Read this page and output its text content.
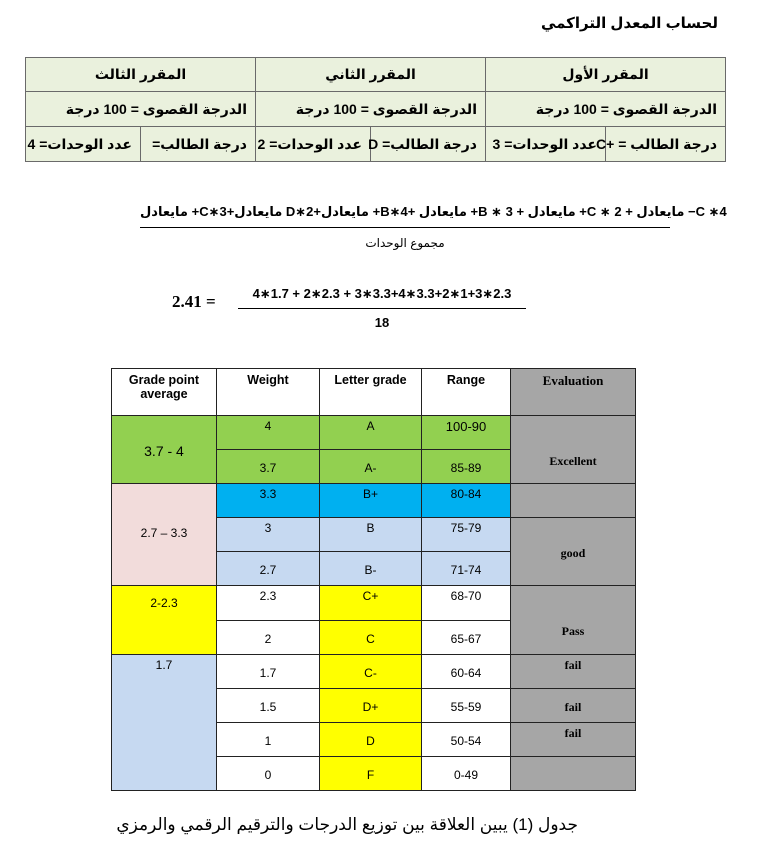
لحساب المعدل التراكمي
المقرر الأول		المقرر الثاني		المقرر الثالث	
الدرجة القصوى = 100 درجة		الدرجة القصوى = 100 درجة		الدرجة القصوى = 100 درجة	
درجة الطالب = +C	عدد الوحدات= 3	درجة الطالب= D	عدد الوحدات= 2	درجة الطالب=	عدد الوحدات= 4
مايعادل +C∗3+مايعادل D∗2+مايعادل +B∗4+ مايعادل +B ∗ 3 + مايعادل +C ∗ 2 + مايعادل −C ∗4
مجموع الوحدات
$2.41 = \frac{4∗1.7 + 2∗2.3 + 3∗3.3+4∗3.3+2∗1+3∗2.3}{18}$
Grade point average	Weight	Letter grade	Range	Evaluation
3.7 - 4	4	A	100-90	Excellent
	3.7	A-	85-89	
2.7 – 3.3	3.3	B+	80-84	
	3	B	75-79	good
	2.7	B-	71-74	
2-2.3	2.3	C+	68-70	Pass
	2	C	65-67	
1.7	1.7	C-	60-64	fail
	1.5	D+	55-59	fail
	1	D	50-54	fail
	0	F	0-49	
جدول (1) يبين العلاقة بين توزيع الدرجات والترقيم الرقمي والرمزي
